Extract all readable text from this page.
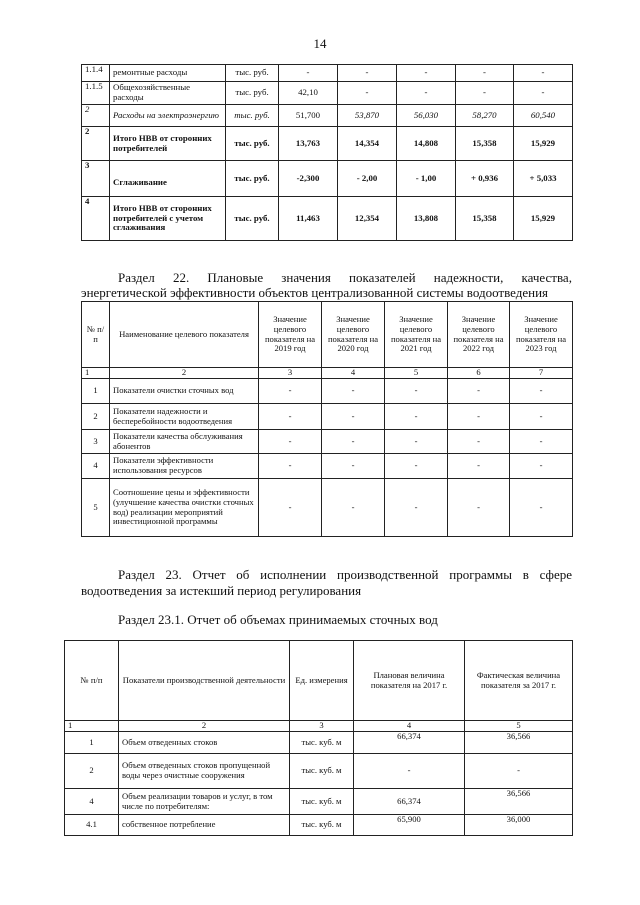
14
1.1.4	ремонтные расходы	тыс. руб.	-	-	-	-	-
1.1.5	Общехозяйственные расходы	тыс. руб.	42,10	-	-	-	-
2	Расходы на электроэнергию	тыс. руб.	51,700	53,870	56,030	58,270	60,540
2	Итого НВВ от сторонних потребителей	тыс. руб.	13,763	14,354	14,808	15,358	15,929
3	Сглаживание	тыс. руб.	-2,300	- 2,00	- 1,00	+ 0,936	+ 5,033
4	Итого НВВ от сторонних потребителей с учетом сглаживания	тыс. руб.	11,463	12,354	13,808	15,358	15,929
Раздел 22. Плановые значения показателей надежности, качества,
энергетической эффективности объектов централизованной системы водоотведения
№ п/п	Наименование целевого показателя	Значение целевого показателя на 2019 год	Значение целевого показателя на 2020 год	Значение целевого показателя на 2021 год	Значение целевого показателя на 2022 год	Значение целевого показателя на 2023 год
1	2	3	4	5	6	7
1	Показатели очистки сточных вод	-	-	-	-	-
2	Показатели надежности и бесперебойности водоотведения	-	-	-	-	-
3	Показатели качества обслуживания абонентов	-	-	-	-	-
4	Показатели эффективности использования ресурсов	-	-	-	-	-
5	Соотношение цены и эффективности (улучшение качества очистки сточных вод) реализации мероприятий инвестиционной программы	-	-	-	-	-
Раздел 23. Отчет об исполнении производственной программы в сфере
водоотведения за истекший период регулирования
Раздел 23.1. Отчет об объемах принимаемых сточных вод
№ п/п	Показатели производственной деятельности	Ед. измерения	Плановая величина показателя на 2017 г.	Фактическая величина показателя за 2017 г.
1	2	3	4	5
1	Объем отведенных стоков	тыс. куб. м	66,374	36,566
2	Объем отведенных стоков пропущенной воды через очистные сооружения	тыс. куб. м	-	-
4	Объем реализации товаров и услуг, в том числе по потребителям:	тыс. куб. м	66,374	36,566
4.1	собственное потребление	тыс. куб. м	65,900	36,000
